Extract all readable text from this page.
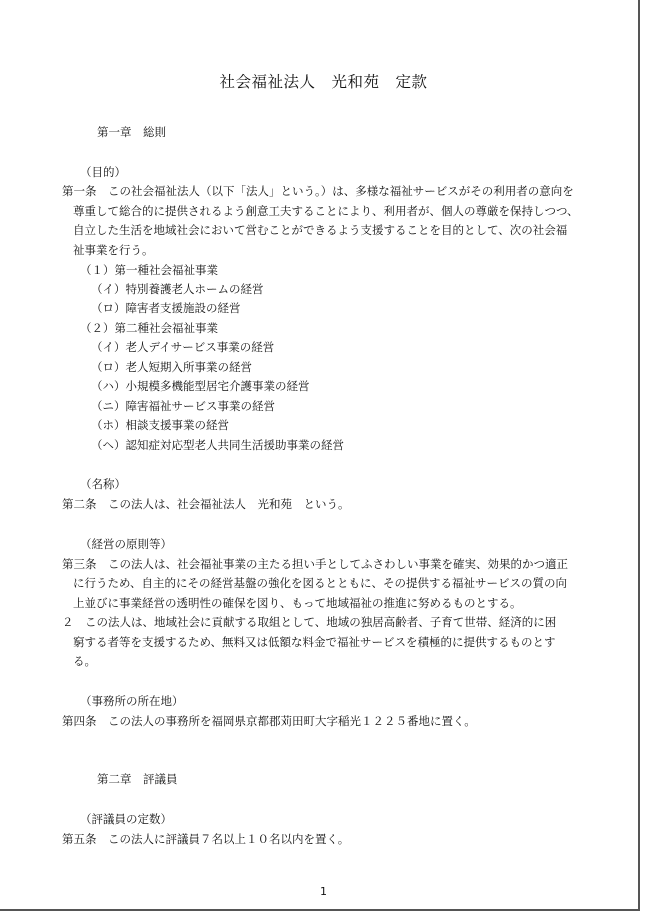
社会福祉法人　光和苑　定款
第一章　総則
（目的）
第一条　この社会福祉法人（以下「法人」という。）は、多様な福祉サービスがその利用者の意向を
尊重して総合的に提供されるよう創意工夫することにより、利用者が、個人の尊厳を保持しつつ、
自立した生活を地域社会において営むことができるよう支援することを目的として、次の社会福
祉事業を行う。
（１）第一種社会福祉事業
（イ）特別養護老人ホームの経営
（ロ）障害者支援施設の経営
（２）第二種社会福祉事業
（イ）老人デイサービス事業の経営
（ロ）老人短期入所事業の経営
（ハ）小規模多機能型居宅介護事業の経営
（ニ）障害福祉サービス事業の経営
（ホ）相談支援事業の経営
（ヘ）認知症対応型老人共同生活援助事業の経営
（名称）
第二条　この法人は、社会福祉法人　光和苑　という。
（経営の原則等）
第三条　この法人は、社会福祉事業の主たる担い手としてふさわしい事業を確実、効果的かつ適正
に行うため、自主的にその経営基盤の強化を図るとともに、その提供する福祉サービスの質の向
上並びに事業経営の透明性の確保を図り、もって地域福祉の推進に努めるものとする。
２　この法人は、地域社会に貢献する取組として、地域の独居高齢者、子育て世帯、経済的に困
窮する者等を支援するため、無料又は低額な料金で福祉サービスを積極的に提供するものとす
る。
（事務所の所在地）
第四条　この法人の事務所を福岡県京都郡苅田町大字稲光１２２５番地に置く。
第二章　評議員
（評議員の定数）
第五条　この法人に評議員７名以上１０名以内を置く。
1
